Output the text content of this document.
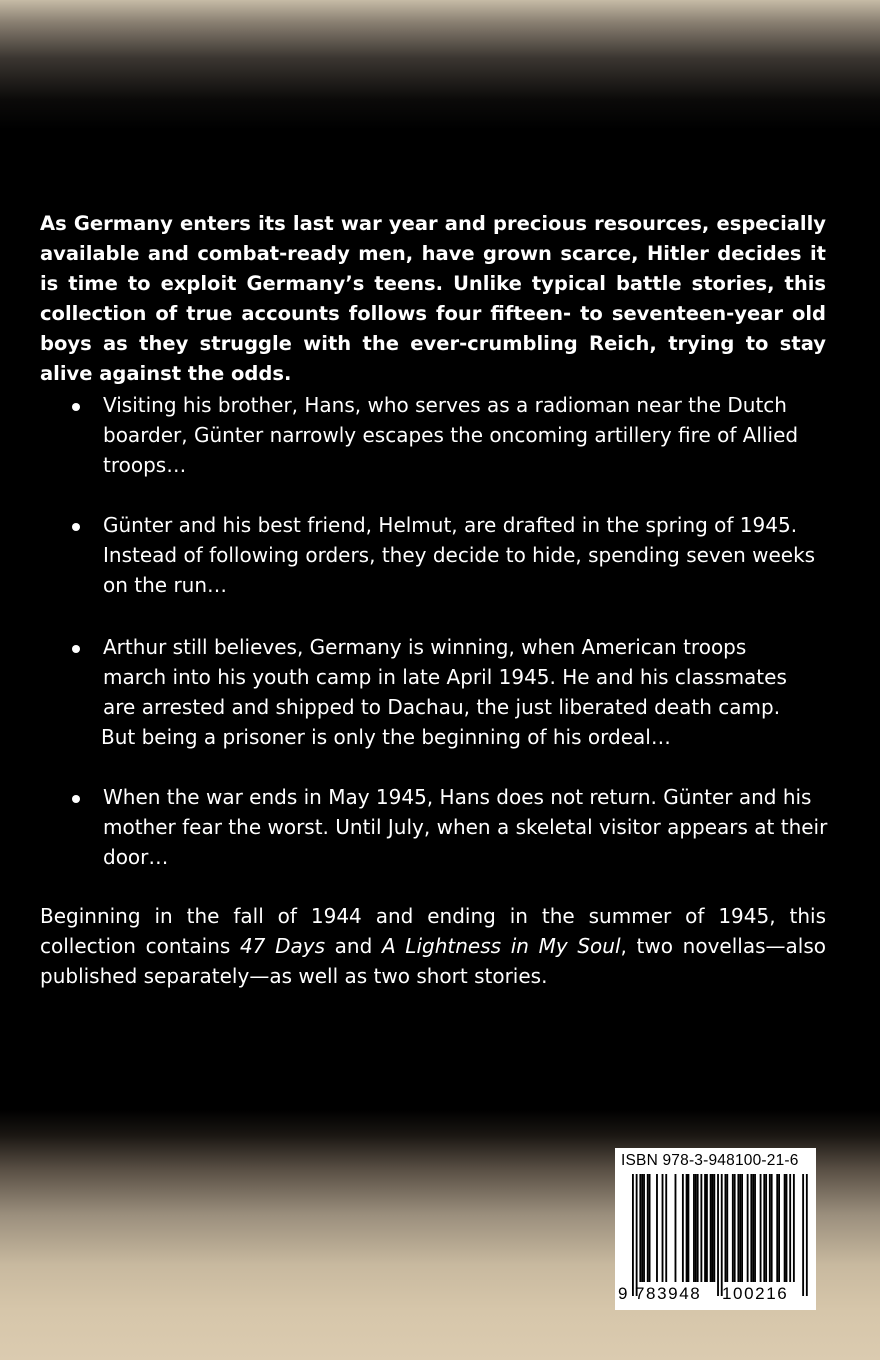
As Germany enters its last war year and precious resources, especially available and combat-ready men, have grown scarce, Hitler decides it is time to exploit Germany’s teens. Unlike typical battle stories, this collection of true accounts follows four fifteen- to seventeen-year old boys as they struggle with the ever-crumbling Reich, trying to stay alive against the odds.

Visiting his brother, Hans, who serves as a radioman near the Dutch
boarder, Günter narrowly escapes the oncoming artillery fire of Allied
troops…

Günter and his best friend, Helmut, are drafted in the spring of 1945.
Instead of following orders, they decide to hide, spending seven weeks
on the run…

Arthur still believes, Germany is winning, when American troops
march into his youth camp in late April 1945. He and his classmates
are arrested and shipped to Dachau, the just liberated death camp.
But being a prisoner is only the beginning of his ordeal…

When the war ends in May 1945, Hans does not return. Günter and his
mother fear the worst. Until July, when a skeletal visitor appears at their
door…

Beginning in the fall of 1944 and ending in the summer of 1945, this collection contains 47 Days and A Lightness in My Soul, two novellas—also published separately—as well as two short stories.

ISBN 978-3-948100-21-6
9 783948 100216
